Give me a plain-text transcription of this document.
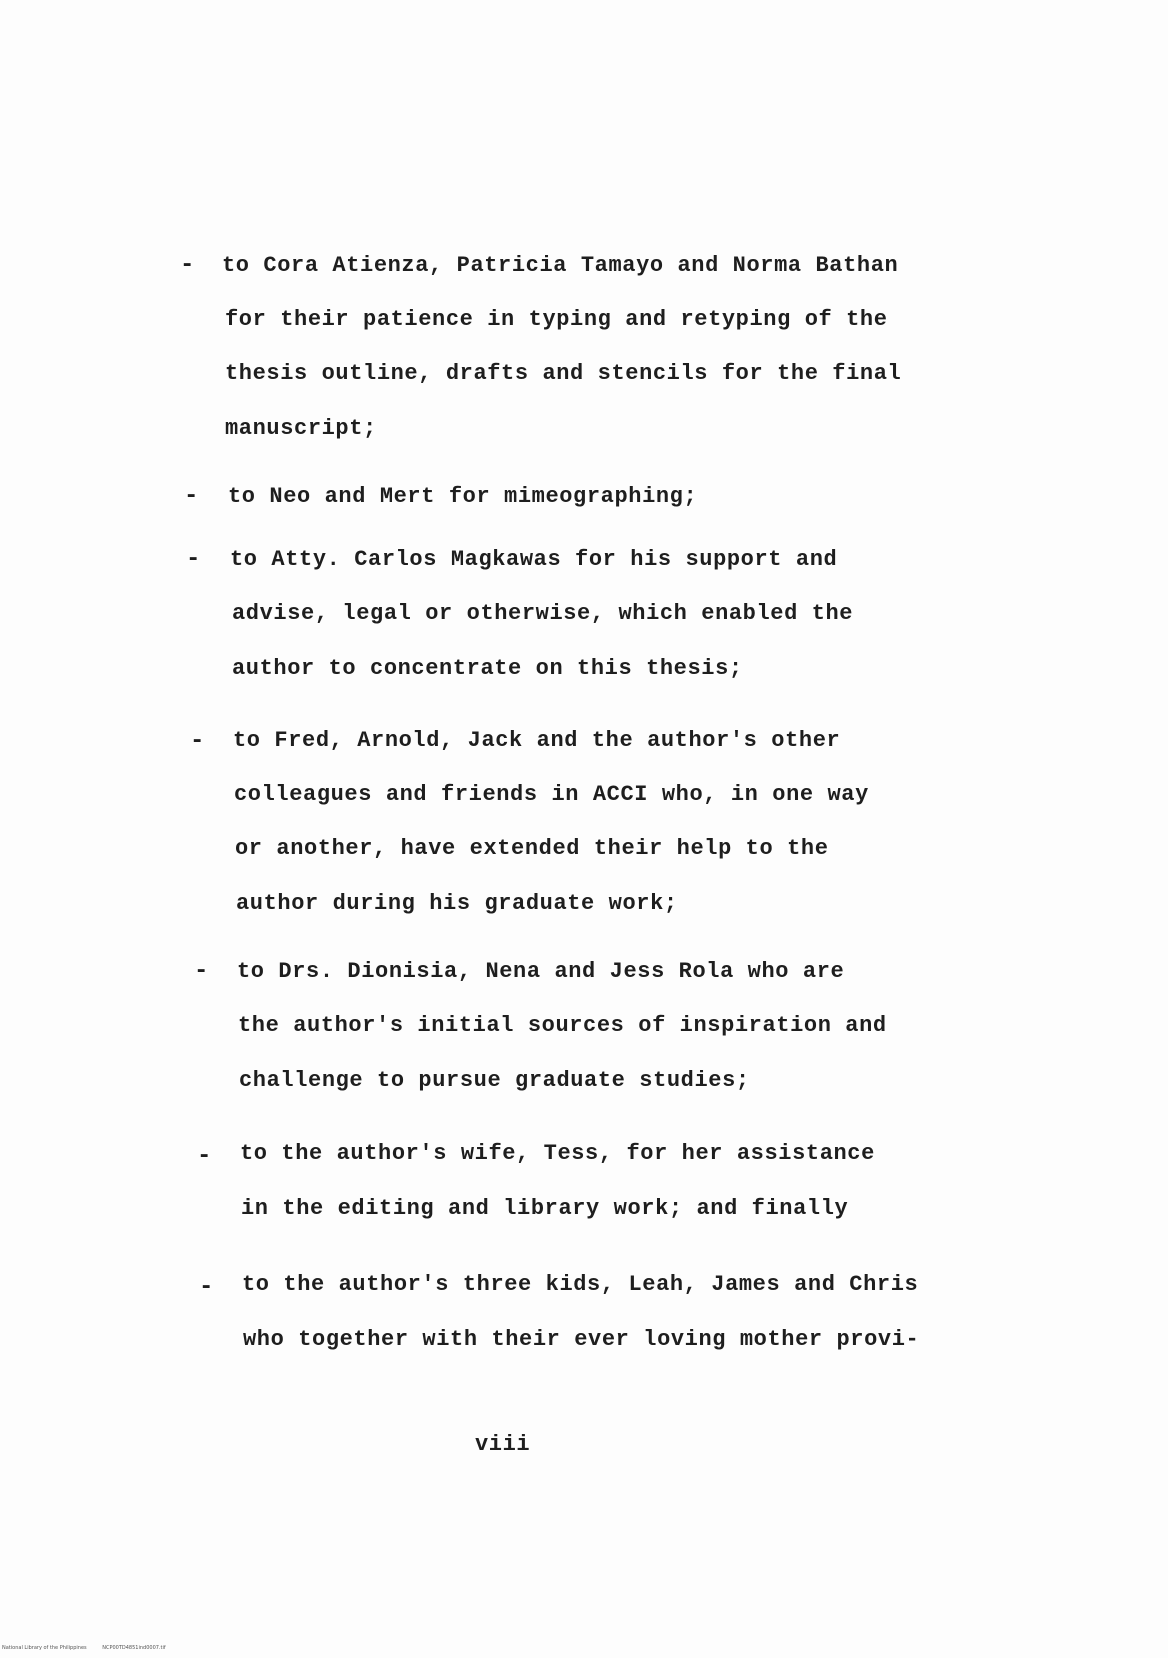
- to Cora Atienza, Patricia Tamayo and Norma Bathan
for their patience in typing and retyping of the
thesis outline, drafts and stencils for the final
manuscript;
- to Neo and Mert for mimeographing;
- to Atty. Carlos Magkawas for his support and
advise, legal or otherwise, which enabled the
author to concentrate on this thesis;
- to Fred, Arnold, Jack and the author's other
colleagues and friends in ACCI who, in one way
or another, have extended their help to the
author during his graduate work;
- to Drs. Dionisia, Nena and Jess Rola who are
the author's initial sources of inspiration and
challenge to pursue graduate studies;
- to the author's wife, Tess, for her assistance
in the editing and library work; and finally
- to the author's three kids, Leah, James and Chris
who together with their ever loving mother provi-
viii
National Library of the Philippines	NCP00TD4851ind0007.tif
